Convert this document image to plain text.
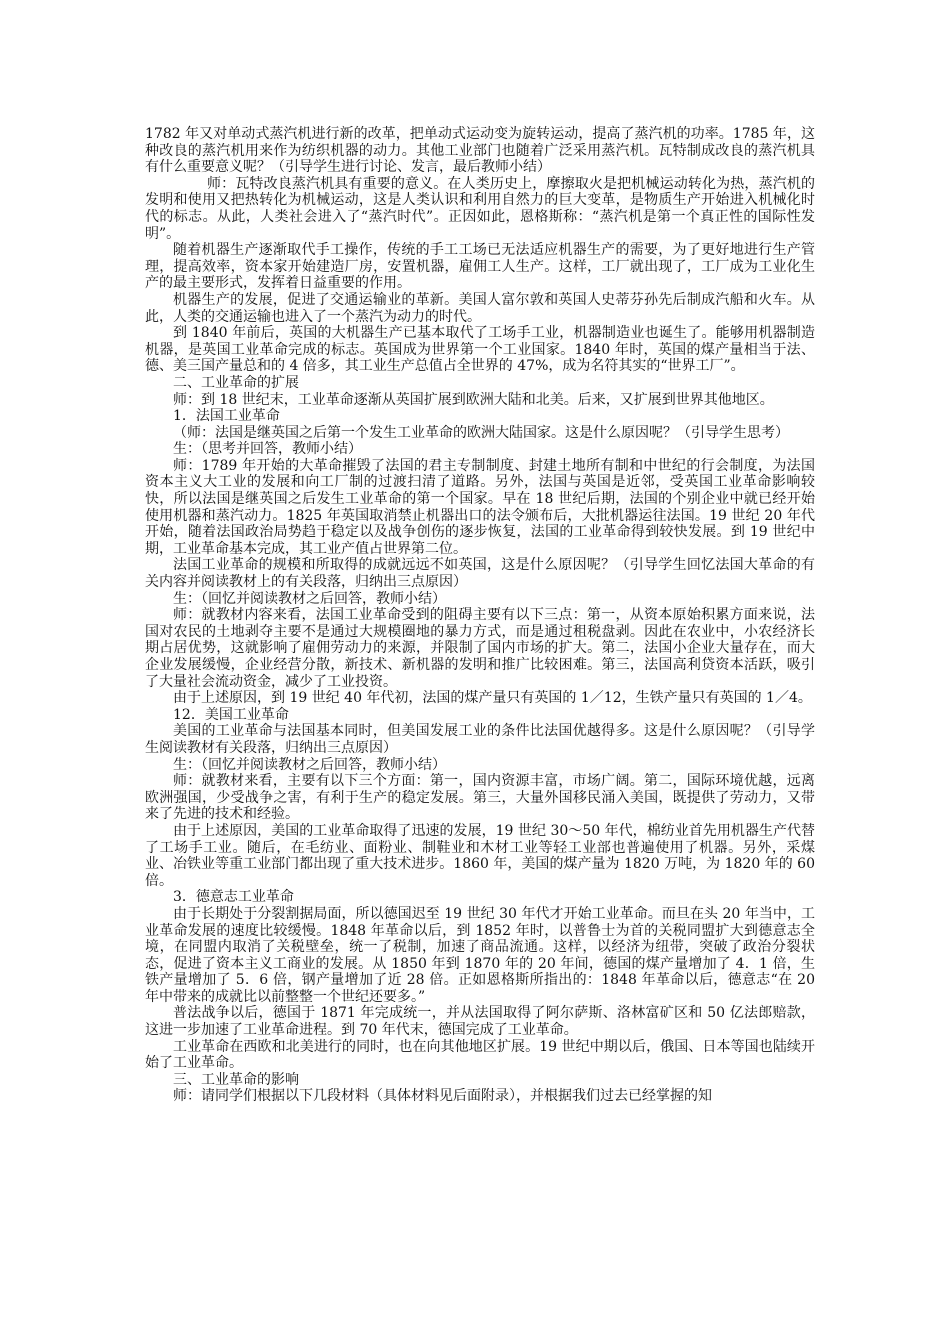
1782 年又对单动式蒸汽机进行新的改革，把单动式运动变为旋转运动，提高了蒸汽机的功率。1785 年，这种改良的蒸汽机用来作为纺织机器的动力。其他工业部门也随着广泛采用蒸汽机。瓦特制成改良的蒸汽机具有什么重要意义呢？（引导学生进行讨论、发言，最后教师小结）

师：瓦特改良蒸汽机具有重要的意义。在人类历史上，摩擦取火是把机械运动转化为热，蒸汽机的发明和使用又把热转化为机械运动，这是人类认识和利用自然力的巨大变革，是物质生产开始进入机械化时代的标志。从此，人类社会进入了“蒸汽时代”。正因如此，恩格斯称：“蒸汽机是第一个真正性的国际性发明”。

随着机器生产逐渐取代手工操作，传统的手工工场已无法适应机器生产的需要，为了更好地进行生产管理，提高效率，资本家开始建造厂房，安置机器，雇佣工人生产。这样，工厂就出现了，工厂成为工业化生产的最主要形式，发挥着日益重要的作用。

机器生产的发展，促进了交通运输业的革新。美国人富尔敦和英国人史蒂芬孙先后制成汽船和火车。从此，人类的交通运输也进入了一个蒸汽为动力的时代。

到 1840 年前后，英国的大机器生产已基本取代了工场手工业，机器制造业也诞生了。能够用机器制造机器，是英国工业革命完成的标志。英国成为世界第一个工业国家。1840 年时，英国的煤产量相当于法、德、美三国产量总和的 4 倍多，其工业生产总值占全世界的 47%，成为名符其实的“世界工厂”。

二、工业革命的扩展

师：到 18 世纪末，工业革命逐渐从英国扩展到欧洲大陆和北美。后来，又扩展到世界其他地区。

1．法国工业革命

（师：法国是继英国之后第一个发生工业革命的欧洲大陆国家。这是什么原因呢？（引导学生思考）

生：（思考并回答，教师小结）

师：1789 年开始的大革命摧毁了法国的君主专制制度、封建土地所有制和中世纪的行会制度，为法国资本主义大工业的发展和向工厂制的过渡扫清了道路。另外，法国与英国是近邻，受英国工业革命影响较快，所以法国是继英国之后发生工业革命的第一个国家。早在 18 世纪后期，法国的个别企业中就已经开始使用机器和蒸汽动力。1825 年英国取消禁止机器出口的法令颁布后，大批机器运往法国。19 世纪 20 年代开始，随着法国政治局势趋于稳定以及战争创伤的逐步恢复，法国的工业革命得到较快发展。到 19 世纪中期，工业革命基本完成，其工业产值占世界第二位。

法国工业革命的规模和所取得的成就远远不如英国，这是什么原因呢？（引导学生回忆法国大革命的有关内容并阅读教材上的有关段落，归纳出三点原因）

生：（回忆并阅读教材之后回答，教师小结）

师：就教材内容来看，法国工业革命受到的阻碍主要有以下三点：第一，从资本原始积累方面来说，法国对农民的土地剥夺主要不是通过大规模圈地的暴力方式，而是通过租税盘剥。因此在农业中，小农经济长期占居优势，这就影响了雇佣劳动力的来源，并限制了国内市场的扩大。第二，法国小企业大量存在，而大企业发展缓慢，企业经营分散，新技术、新机器的发明和推广比较困难。第三，法国高利贷资本活跃，吸引了大量社会流动资金，减少了工业投资。

由于上述原因，到 19 世纪 40 年代初，法国的煤产量只有英国的 1／12，生铁产量只有英国的 1／4。

12．美国工业革命

美国的工业革命与法国基本同时，但美国发展工业的条件比法国优越得多。这是什么原因呢？（引导学生阅读教材有关段落，归纳出三点原因）

生：（回忆并阅读教材之后回答，教师小结）

师：就教材来看，主要有以下三个方面：第一，国内资源丰富，市场广阔。第二，国际环境优越，远离欧洲强国，少受战争之害，有利于生产的稳定发展。第三，大量外国移民涌入美国，既提供了劳动力，又带来了先进的技术和经验。

由于上述原因，美国的工业革命取得了迅速的发展，19 世纪 30～50 年代，棉纺业首先用机器生产代替了工场手工业。随后，在毛纺业、面粉业、制鞋业和木材工业等轻工业部也普遍使用了机器。另外，采煤业、冶铁业等重工业部门都出现了重大技术进步。1860 年，美国的煤产量为 1820 万吨，为 1820 年的 60 倍。

3．德意志工业革命

由于长期处于分裂割据局面，所以德国迟至 19 世纪 30 年代才开始工业革命。而旦在头 20 年当中，工业革命发展的速度比较缓慢。1848 年革命以后，到 1852 年时，以普鲁士为首的关税同盟扩大到德意志全境，在同盟内取消了关税壁垒，统一了税制，加速了商品流通。这样，以经济为纽带，突破了政治分裂状态，促进了资本主义工商业的发展。从 1850 年到 1870 年的 20 年间，德国的煤产量增加了 4．1 倍，生铁产量增加了 5．6 倍，钢产量增加了近 28 倍。正如恩格斯所指出的：1848 年革命以后，德意志“在 20 年中带来的成就比以前整整一个世纪还要多。”

普法战争以后，德国于 1871 年完成统一，并从法国取得了阿尔萨斯、洛林富矿区和 50 亿法郎赔款，这进一步加速了工业革命进程。到 70 年代末，德国完成了工业革命。

工业革命在西欧和北美进行的同时，也在向其他地区扩展。19 世纪中期以后，俄国、日本等国也陆续开始了工业革命。

三、工业革命的影响

师：请同学们根据以下几段材料（具体材料见后面附录），并根据我们过去已经掌握的知
